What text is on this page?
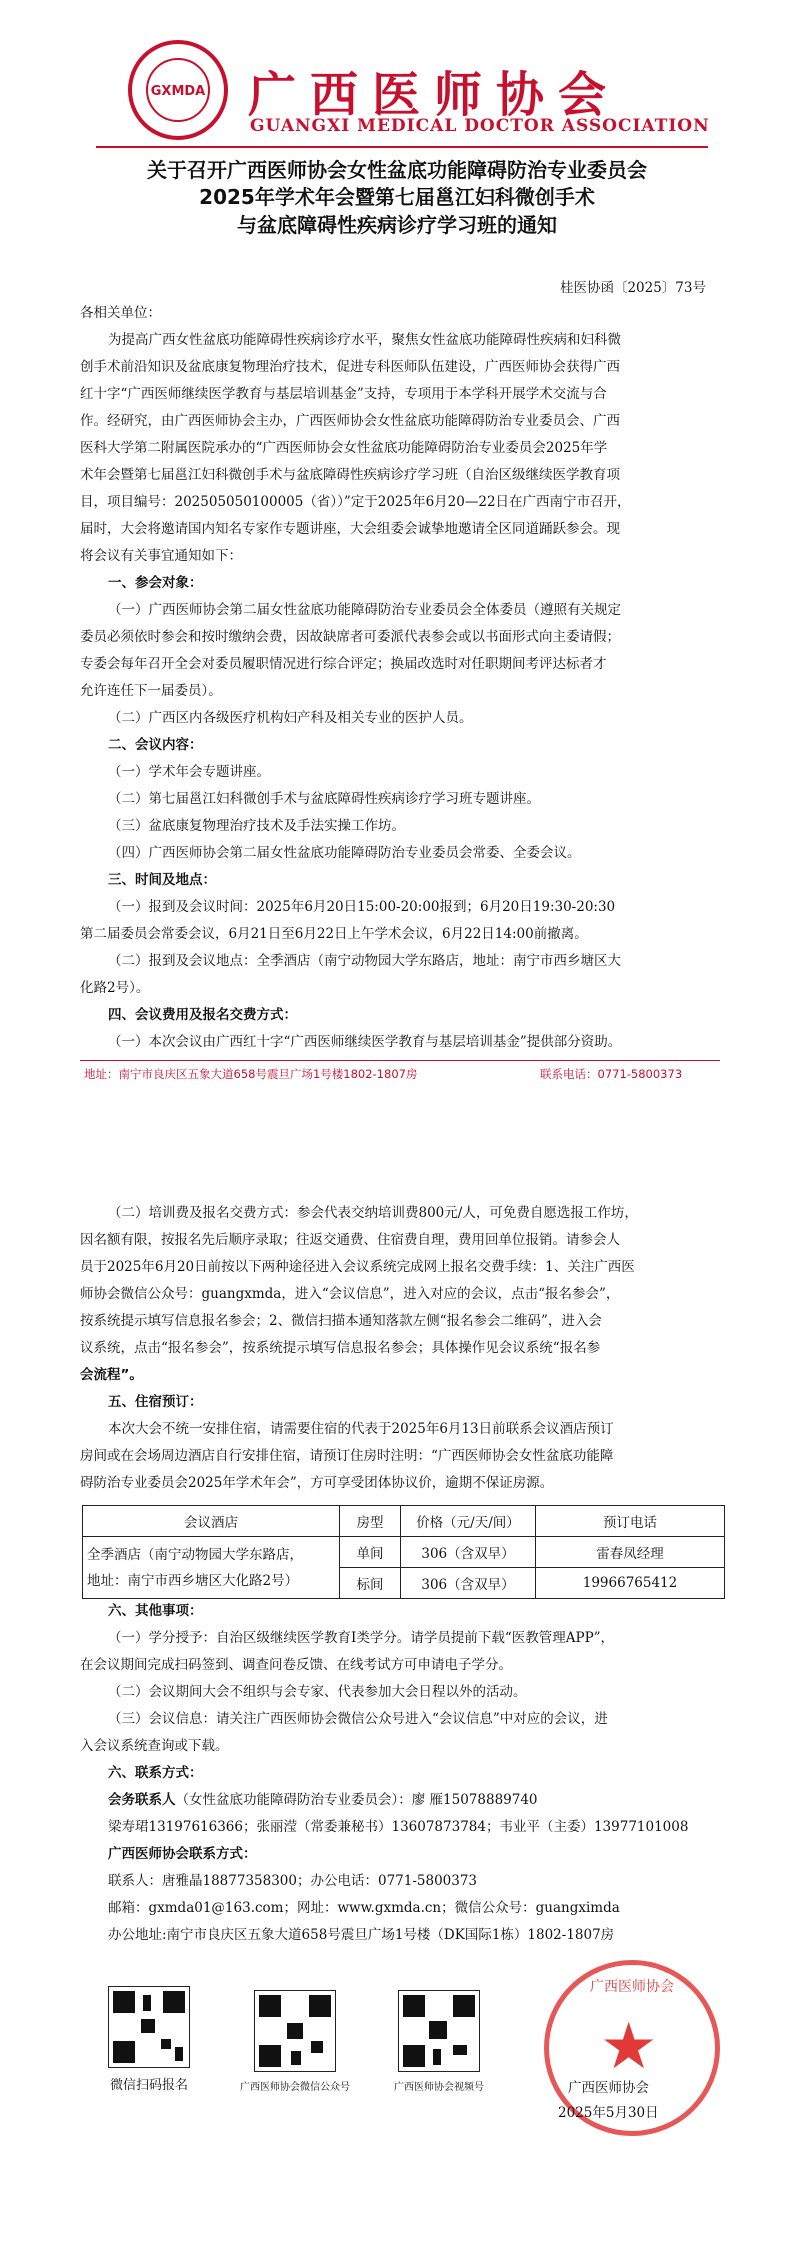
GXMDA 广西医师协会
GUANGXI MEDICAL DOCTOR ASSOCIATION
关于召开广西医师协会女性盆底功能障碍防治专业委员会
2025年学术年会暨第七届邕江妇科微创手术
与盆底障碍性疾病诊疗学习班的通知
桂医协函〔2025〕73号
各相关单位：
为提高广西女性盆底功能障碍性疾病诊疗水平，聚焦女性盆底功能障碍性疾病和妇科微
创手术前沿知识及盆底康复物理治疗技术，促进专科医师队伍建设，广西医师协会获得广西
红十字“广西医师继续医学教育与基层培训基金”支持，专项用于本学科开展学术交流与合
作。经研究，由广西医师协会主办，广西医师协会女性盆底功能障碍防治专业委员会、广西
医科大学第二附属医院承办的“广西医师协会女性盆底功能障碍防治专业委员会2025年学
术年会暨第七届邕江妇科微创手术与盆底障碍性疾病诊疗学习班（自治区级继续医学教育项
目，项目编号：202505050100005（省））”定于2025年6月20—22日在广西南宁市召开，
届时，大会将邀请国内知名专家作专题讲座，大会组委会诚挚地邀请全区同道踊跃参会。现
将会议有关事宜通知如下：
一、参会对象：
（一）广西医师协会第二届女性盆底功能障碍防治专业委员会全体委员（遵照有关规定
委员必须依时参会和按时缴纳会费，因故缺席者可委派代表参会或以书面形式向主委请假；
专委会每年召开全会对委员履职情况进行综合评定；换届改选时对任职期间考评达标者才
允许连任下一届委员）。
（二）广西区内各级医疗机构妇产科及相关专业的医护人员。
二、会议内容：
（一）学术年会专题讲座。
（二）第七届邕江妇科微创手术与盆底障碍性疾病诊疗学习班专题讲座。
（三）盆底康复物理治疗技术及手法实操工作坊。
（四）广西医师协会第二届女性盆底功能障碍防治专业委员会常委、全委会议。
三、时间及地点：
（一）报到及会议时间：2025年6月20日15:00-20:00报到；6月20日19:30-20:30
第二届委员会常委会议，6月21日至6月22日上午学术会议，6月22日14:00前撤离。
（二）报到及会议地点：全季酒店（南宁动物园大学东路店，地址：南宁市西乡塘区大
化路2号）。
四、会议费用及报名交费方式：
（一）本次会议由广西红十字“广西医师继续医学教育与基层培训基金”提供部分资助。
地址：南宁市良庆区五象大道658号震旦广场1号楼1802-1807房	联系电话：0771-5800373
（二）培训费及报名交费方式：参会代表交纳培训费800元/人，可免费自愿选报工作坊，
因名额有限，按报名先后顺序录取；往返交通费、住宿费自理，费用回单位报销。请参会人
员于2025年6月20日前按以下两种途径进入会议系统完成网上报名交费手续：1、关注广西医
师协会微信公众号：guangxmda，进入“会议信息”，进入对应的会议，点击“报名参会”，
按系统提示填写信息报名参会；2、微信扫描本通知落款左侧“报名参会二维码”，进入会
议系统，点击“报名参会”，按系统提示填写信息报名参会；具体操作见会议系统“报名参
会流程”。
五、住宿预订：
本次大会不统一安排住宿，请需要住宿的代表于2025年6月13日前联系会议酒店预订
房间或在会场周边酒店自行安排住宿，请预订住房时注明：“广西医师协会女性盆底功能障
碍防治专业委员会2025年学术年会”，方可享受团体协议价，逾期不保证房源。
会议酒店	房型	价格（元/天/间）	预订电话

全季酒店（南宁动物园大学东路店，
地址：南宁市西乡塘区大化路2号）	单间	306（含双早）	雷春凤经理
	标间	306（含双早）	19966765412
六、其他事项：
（一）学分授予：自治区级继续医学教育Ⅰ类学分。请学员提前下载“医教管理APP”，
在会议期间完成扫码签到、调查问卷反馈、在线考试方可申请电子学分。
（二）会议期间大会不组织与会专家、代表参加大会日程以外的活动。
（三）会议信息：请关注广西医师协会微信公众号进入“会议信息”中对应的会议，进
入会议系统查询或下载。
六、联系方式：
会务联系人（女性盆底功能障碍防治专业委员会）：廖 雁15078889740
梁寿珺13197616366；张丽滢（常委兼秘书）13607873784；韦业平（主委）13977101008
广西医师协会联系方式：
联系人：唐雅晶18877358300；办公电话：0771-5800373
邮箱：gxmda01@163.com；网址：www.gxmda.cn；微信公众号：guangximda
办公地址:南宁市良庆区五象大道658号震旦广场1号楼（DK国际1栋）1802-1807房
微信扫码报名	广西医师协会微信公众号	广西医师协会视频号
广西医师协会
★
广西医师协会
2025年5月30日
